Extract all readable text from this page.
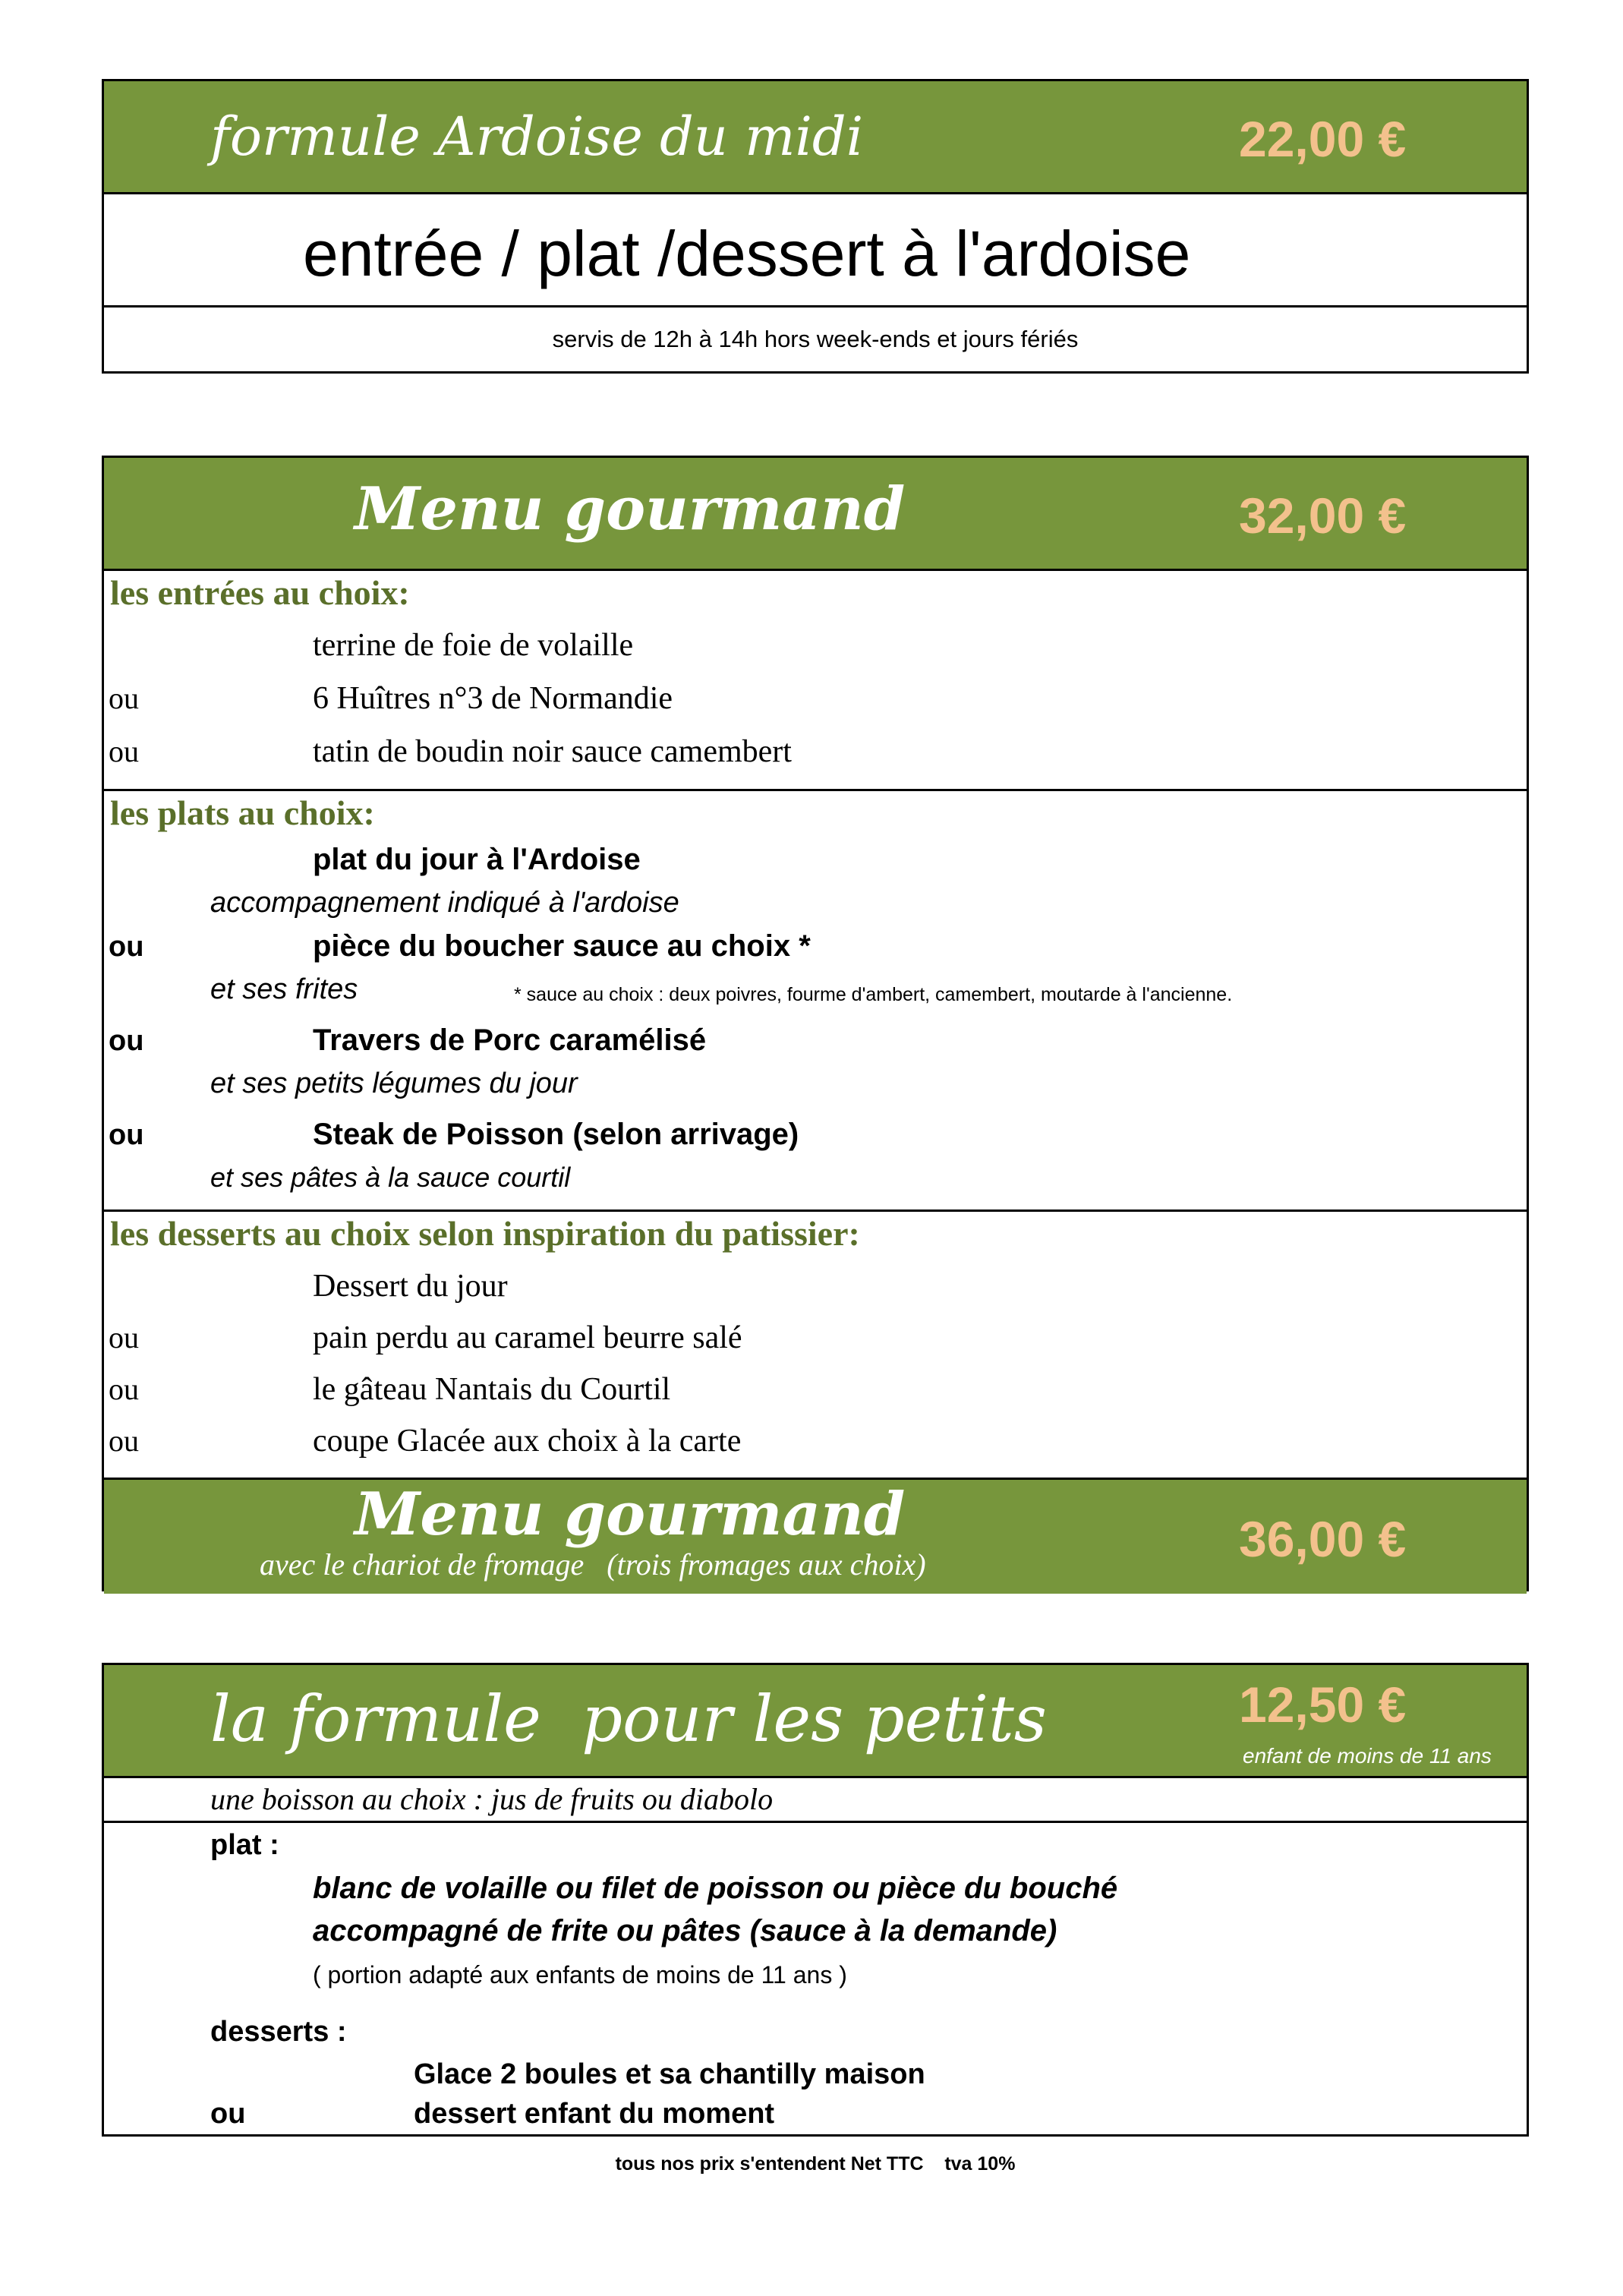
formule Ardoise du midi	22,00 €
entrée / plat /dessert à l'ardoise
servis de 12h à 14h hors week-ends et jours fériés
Menu gourmand	32,00 €
les entrées au choix:
terrine de foie de volaille
ou	6 Huîtres n°3 de Normandie
ou	tatin de boudin noir sauce camembert
les plats au choix:
plat du jour à l'Ardoise
accompagnement indiqué à l'ardoise
ou	pièce du boucher sauce au choix *
et ses frites	* sauce au choix : deux poivres, fourme d'ambert, camembert, moutarde à l'ancienne.
ou	Travers de Porc caramélisé
et ses petits légumes du jour
ou	Steak de Poisson (selon arrivage)
et ses pâtes à la sauce courtil
les desserts au choix selon inspiration du patissier:
Dessert du jour
ou	pain perdu au caramel beurre salé
ou	le gâteau Nantais du Courtil
ou	coupe Glacée aux choix à la carte
Menu gourmand
avec le chariot de fromage   (trois fromages aux choix)	36,00 €
la formule  pour les petits	12,50 €
enfant de moins de 11 ans
une boisson au choix : jus de fruits ou diabolo
plat :
blanc de volaille ou filet de poisson ou pièce du bouché
accompagné de frite ou pâtes (sauce à la demande)
( portion adapté aux enfants de moins de 11 ans )
desserts :
Glace 2 boules et sa chantilly maison
ou	dessert enfant du moment
tous nos prix s'entendent Net TTC    tva 10%
